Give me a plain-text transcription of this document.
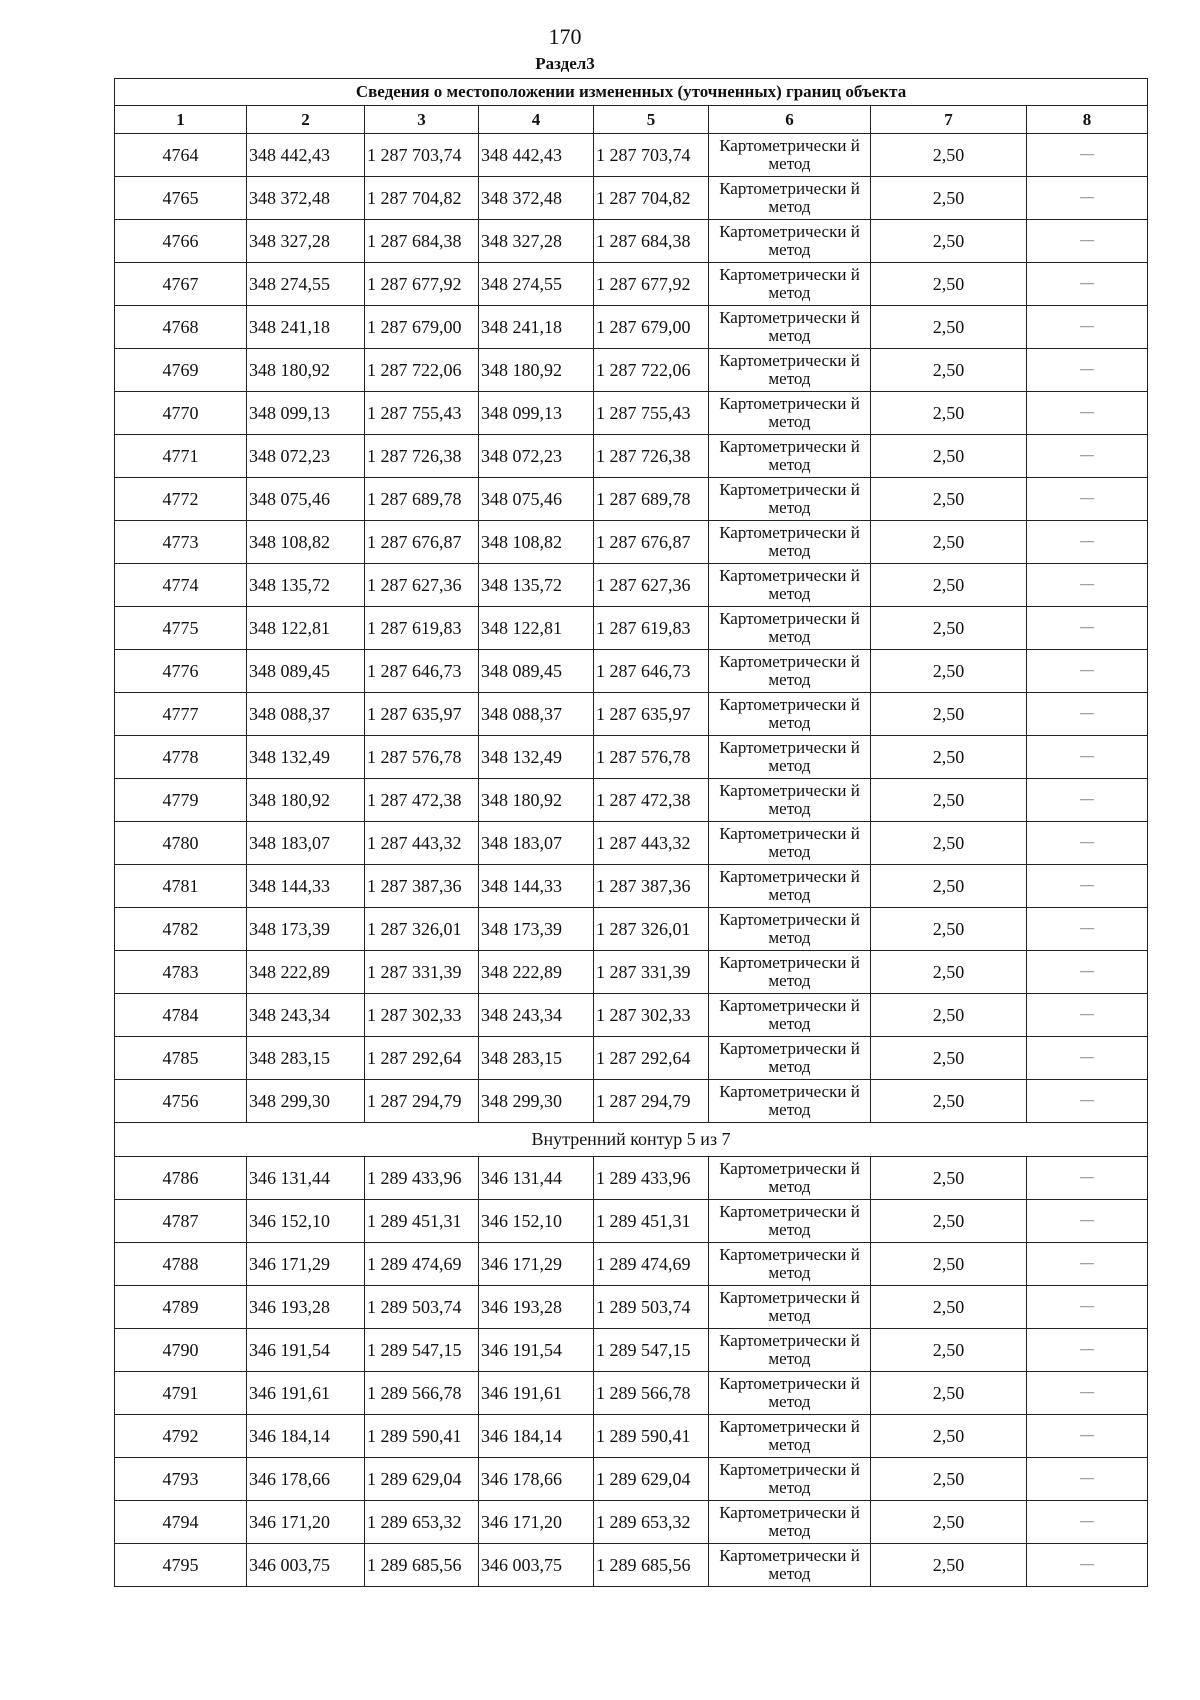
170
Раздел3
Сведения о местоположении измененных (уточненных) границ объекта							
1	2	3	4	5	6	7	8
4764	348 442,43	1 287 703,74	348 442,43	1 287 703,74	Картометрически й метод	2,50	—
4765	348 372,48	1 287 704,82	348 372,48	1 287 704,82	Картометрически й метод	2,50	—
4766	348 327,28	1 287 684,38	348 327,28	1 287 684,38	Картометрически й метод	2,50	—
4767	348 274,55	1 287 677,92	348 274,55	1 287 677,92	Картометрически й метод	2,50	—
4768	348 241,18	1 287 679,00	348 241,18	1 287 679,00	Картометрически й метод	2,50	—
4769	348 180,92	1 287 722,06	348 180,92	1 287 722,06	Картометрически й метод	2,50	—
4770	348 099,13	1 287 755,43	348 099,13	1 287 755,43	Картометрически й метод	2,50	—
4771	348 072,23	1 287 726,38	348 072,23	1 287 726,38	Картометрически й метод	2,50	—
4772	348 075,46	1 287 689,78	348 075,46	1 287 689,78	Картометрически й метод	2,50	—
4773	348 108,82	1 287 676,87	348 108,82	1 287 676,87	Картометрически й метод	2,50	—
4774	348 135,72	1 287 627,36	348 135,72	1 287 627,36	Картометрически й метод	2,50	—
4775	348 122,81	1 287 619,83	348 122,81	1 287 619,83	Картометрически й метод	2,50	—
4776	348 089,45	1 287 646,73	348 089,45	1 287 646,73	Картометрически й метод	2,50	—
4777	348 088,37	1 287 635,97	348 088,37	1 287 635,97	Картометрически й метод	2,50	—
4778	348 132,49	1 287 576,78	348 132,49	1 287 576,78	Картометрически й метод	2,50	—
4779	348 180,92	1 287 472,38	348 180,92	1 287 472,38	Картометрически й метод	2,50	—
4780	348 183,07	1 287 443,32	348 183,07	1 287 443,32	Картометрически й метод	2,50	—
4781	348 144,33	1 287 387,36	348 144,33	1 287 387,36	Картометрически й метод	2,50	—
4782	348 173,39	1 287 326,01	348 173,39	1 287 326,01	Картометрически й метод	2,50	—
4783	348 222,89	1 287 331,39	348 222,89	1 287 331,39	Картометрически й метод	2,50	—
4784	348 243,34	1 287 302,33	348 243,34	1 287 302,33	Картометрически й метод	2,50	—
4785	348 283,15	1 287 292,64	348 283,15	1 287 292,64	Картометрически й метод	2,50	—
4756	348 299,30	1 287 294,79	348 299,30	1 287 294,79	Картометрически й метод	2,50	—
Внутренний контур 5 из 7							
4786	346 131,44	1 289 433,96	346 131,44	1 289 433,96	Картометрически й метод	2,50	—
4787	346 152,10	1 289 451,31	346 152,10	1 289 451,31	Картометрически й метод	2,50	—
4788	346 171,29	1 289 474,69	346 171,29	1 289 474,69	Картометрически й метод	2,50	—
4789	346 193,28	1 289 503,74	346 193,28	1 289 503,74	Картометрически й метод	2,50	—
4790	346 191,54	1 289 547,15	346 191,54	1 289 547,15	Картометрически й метод	2,50	—
4791	346 191,61	1 289 566,78	346 191,61	1 289 566,78	Картометрически й метод	2,50	—
4792	346 184,14	1 289 590,41	346 184,14	1 289 590,41	Картометрически й метод	2,50	—
4793	346 178,66	1 289 629,04	346 178,66	1 289 629,04	Картометрически й метод	2,50	—
4794	346 171,20	1 289 653,32	346 171,20	1 289 653,32	Картометрически й метод	2,50	—
4795	346 003,75	1 289 685,56	346 003,75	1 289 685,56	Картометрически й метод	2,50	—
